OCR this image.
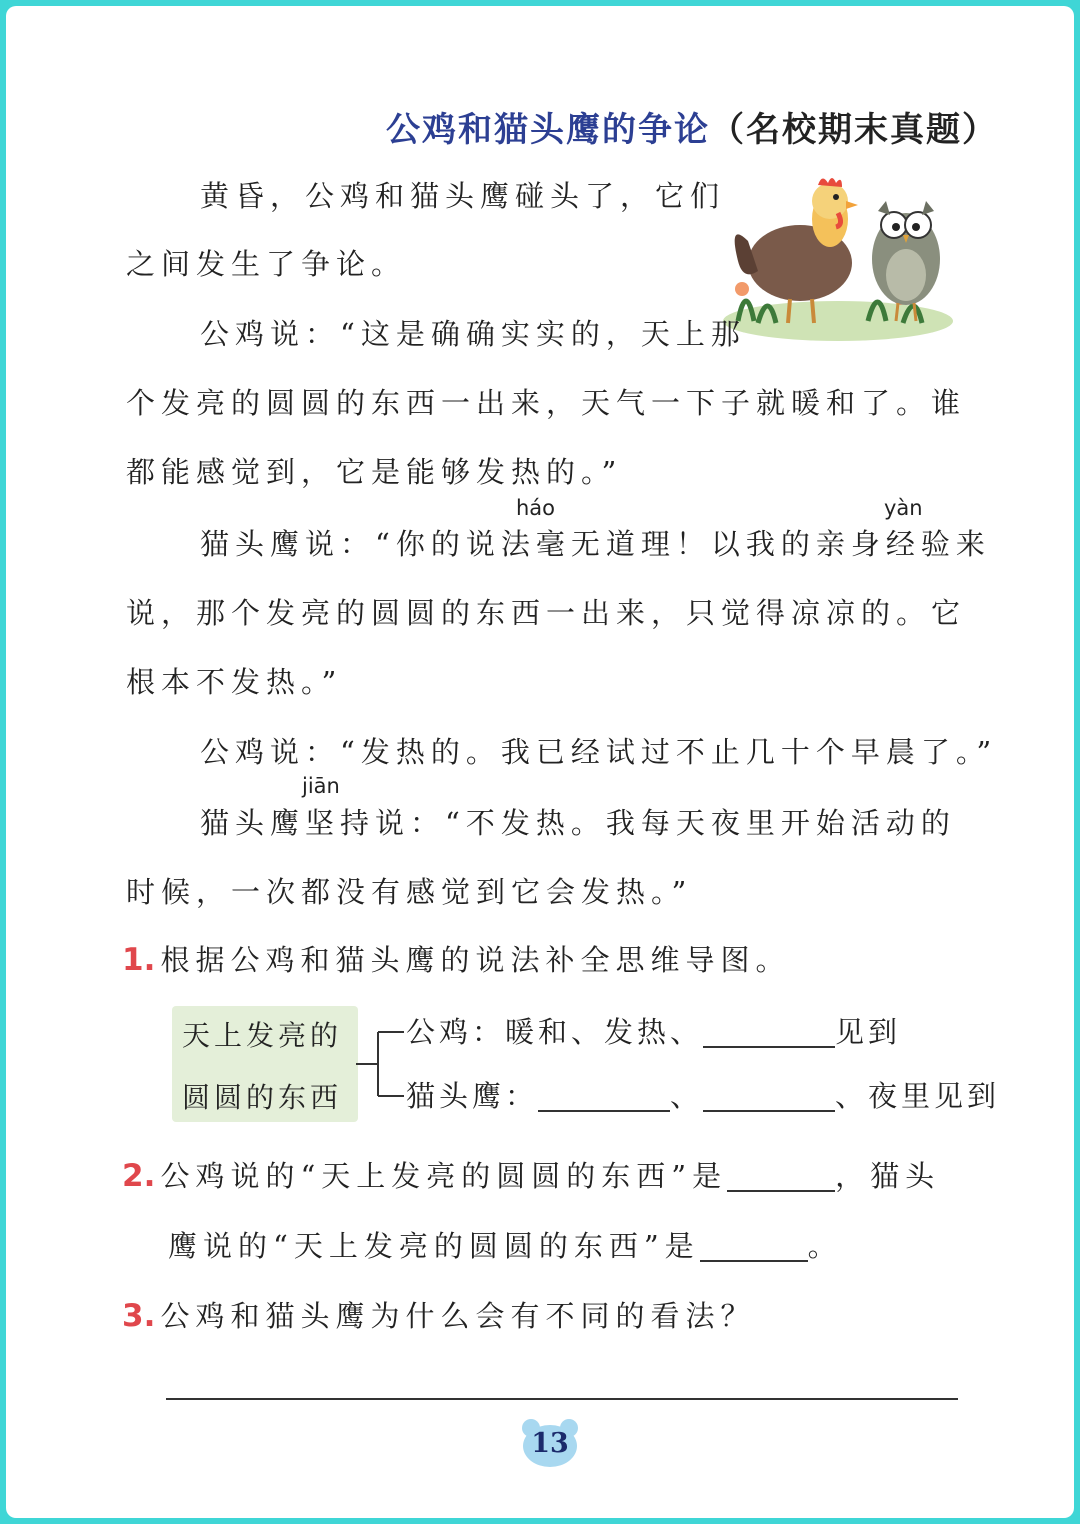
公鸡和猫头鹰的争论（名校期末真题）
黄昏，公鸡和猫头鹰碰头了，它们
之间发生了争论。
公鸡说：“这是确确实实的，天上那
个发亮的圆圆的东西一出来，天气一下子就暖和了。谁
都能感觉到，它是能够发热的。”
háo	yàn
猫头鹰说：“你的说法毫无道理！以我的亲身经验来
说，那个发亮的圆圆的东西一出来，只觉得凉凉的。它
根本不发热。”
公鸡说：“发热的。我已经试过不止几十个早晨了。”
jiān
猫头鹰坚持说：“不发热。我每天夜里开始活动的
时候，一次都没有感觉到它会发热。”
1. 根据公鸡和猫头鹰的说法补全思维导图。
天上发亮的
圆圆的东西
公鸡：暖和、发热、	见到
猫头鹰：	、	、夜里见到
2. 公鸡说的“天上发亮的圆圆的东西”是	，猫头
鹰说的“天上发亮的圆圆的东西”是	。
3. 公鸡和猫头鹰为什么会有不同的看法？
13
